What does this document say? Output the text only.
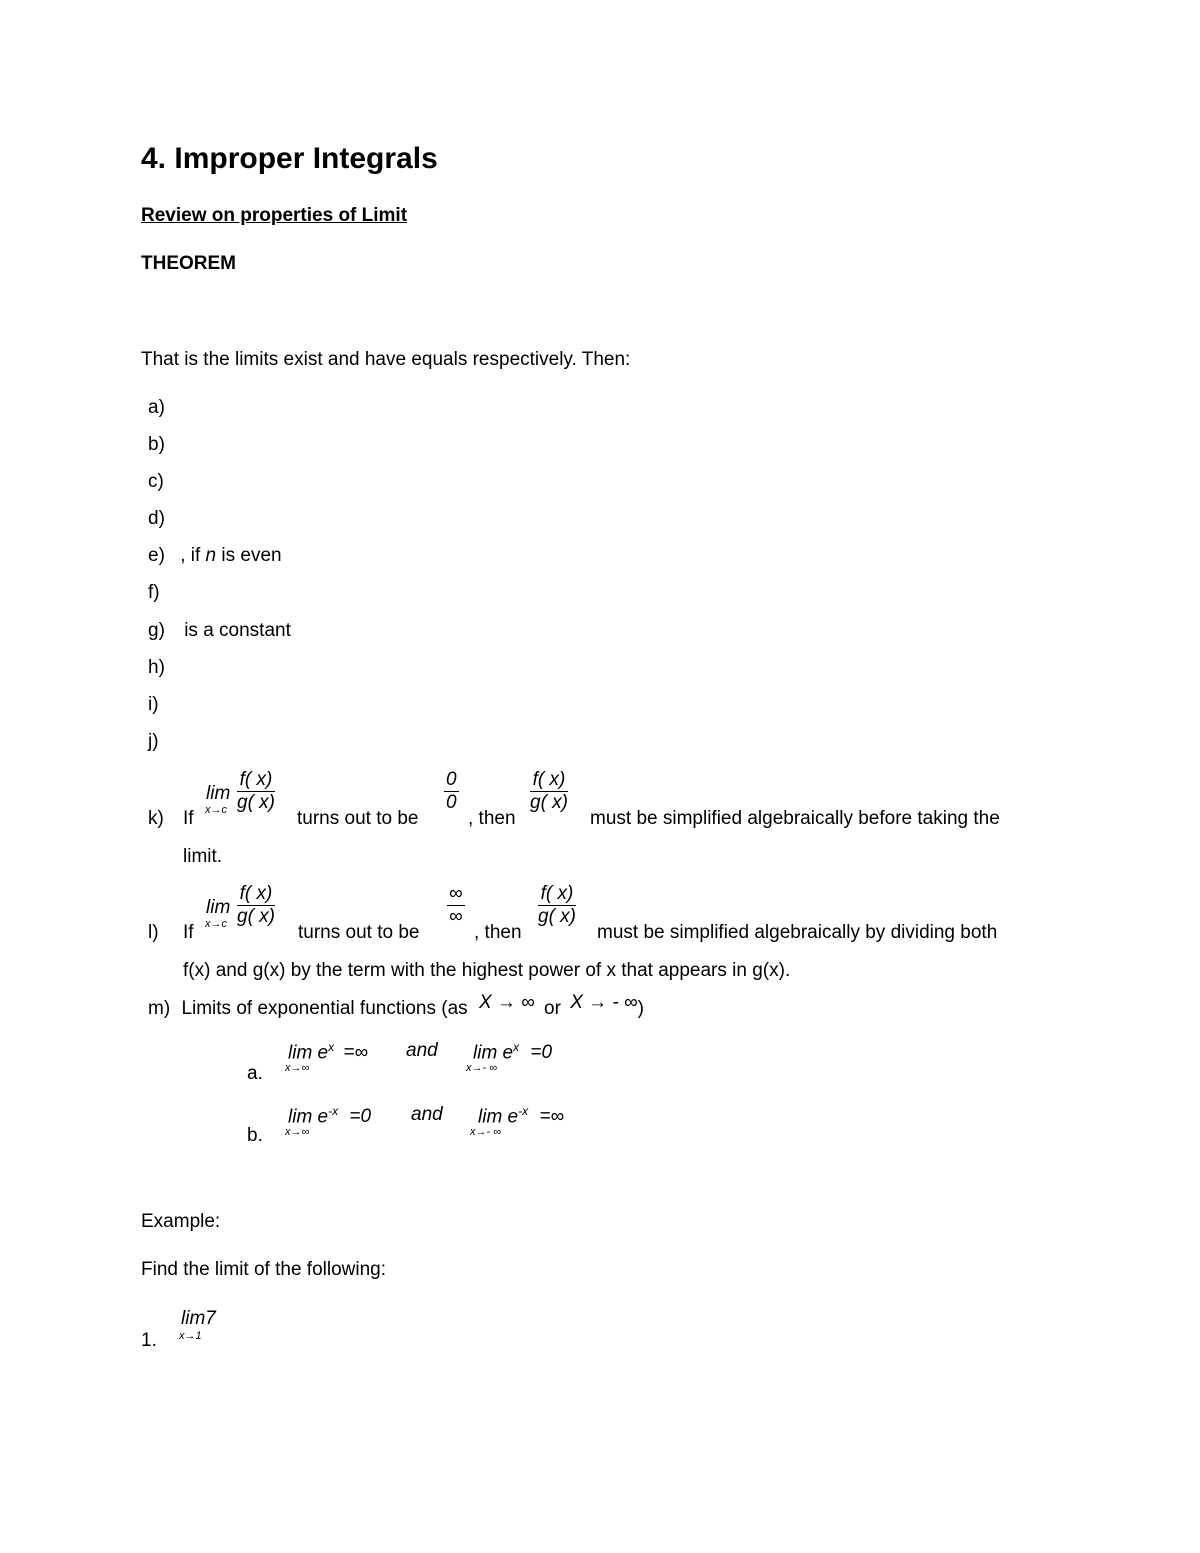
4. Improper Integrals
Review on properties of Limit
THEOREM
That is the limits exist and have equals respectively. Then:
a)
b)
c)
d)
e) , if n is even
f)
g) is a constant
h)
i)
j)
k) If
lim
$x\to c \frac{f( x)}{g( x)}$
turns out to be
$\frac{0}{0}$
, then
$\frac{f( x)}{g( x)}$
must be simplified algebraically before taking the
limit.
l) If
lim
$x\to c \frac{f( x)}{g( x)}$
turns out to be
∞
∞
, then
$\frac{f( x)}{g( x)}$
must be simplified algebraically by dividing both
f(x) and g(x) by the term with the highest power of x that appears in g(x).
m) Limits of exponential functions (as X → ∞ or X → - ∞)
a.
$\lim e^x$ =∞
x→∞
and $\lim e^x =0$
x→- ∞
b.
$\lim e^{-x} =0$
x→∞
and $\lim e^{-x}$ =∞
x→- ∞
Example:
Find the limit of the following:
1.
lim7
x→1
